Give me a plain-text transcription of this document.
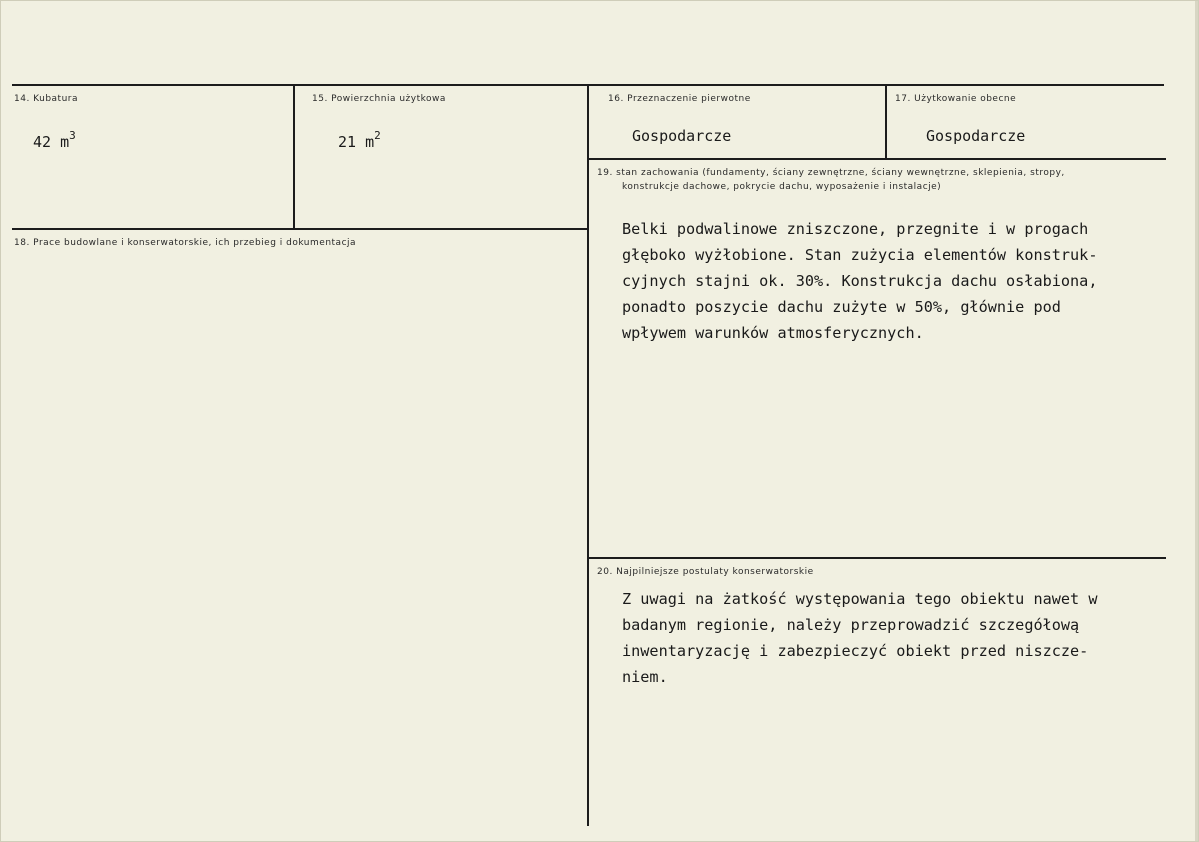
14. Kubatura
42 $m^3$
15. Powierzchnia użytkowa
21 $m^2$
16. Przeznaczenie pierwotne
Gospodarcze
17. Użytkowanie obecne
Gospodarcze
18. Prace budowlane i konserwatorskie, ich przebieg i dokumentacja
19. stan zachowania (fundamenty, ściany zewnętrzne, ściany wewnętrzne, sklepienia, stropy,
konstrukcje dachowe, pokrycie dachu, wyposażenie i instalacje)
Belki podwalinowe zniszczone, przegnite i w progach
głęboko wyżłobione. Stan zużycia elementów konstruk-
cyjnych stajni ok. 30%. Konstrukcja dachu osłabiona,
ponadto poszycie dachu zużyte w 50%, głównie pod
wpływem warunków atmosferycznych.
20. Najpilniejsze postulaty konserwatorskie
Z uwagi na żatkość występowania tego obiektu nawet w
badanym regionie, należy przeprowadzić szczegółową
inwentaryzację i zabezpieczyć obiekt przed niszcze-
niem.
